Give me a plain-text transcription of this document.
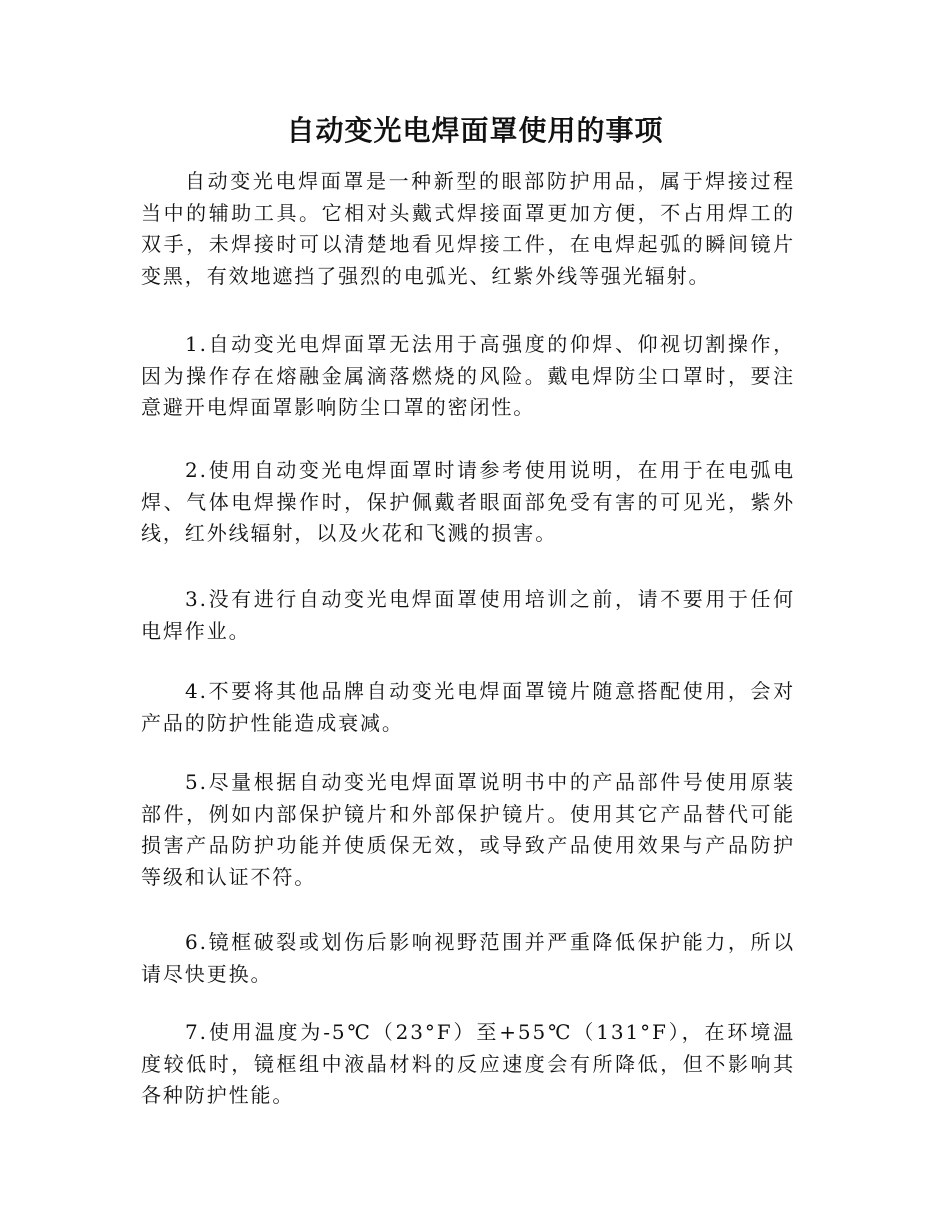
自动变光电焊面罩使用的事项

自动变光电焊面罩是一种新型的眼部防护用品，属于焊接过程当中的辅助工具。它相对头戴式焊接面罩更加方便，不占用焊工的双手，未焊接时可以清楚地看见焊接工件，在电焊起弧的瞬间镜片变黑，有效地遮挡了强烈的电弧光、红紫外线等强光辐射。

1.自动变光电焊面罩无法用于高强度的仰焊、仰视切割操作，因为操作存在熔融金属滴落燃烧的风险。戴电焊防尘口罩时，要注意避开电焊面罩影响防尘口罩的密闭性。

2.使用自动变光电焊面罩时请参考使用说明，在用于在电弧电焊、气体电焊操作时，保护佩戴者眼面部免受有害的可见光，紫外线，红外线辐射，以及火花和飞溅的损害。

3.没有进行自动变光电焊面罩使用培训之前，请不要用于任何电焊作业。

4.不要将其他品牌自动变光电焊面罩镜片随意搭配使用，会对产品的防护性能造成衰减。

5.尽量根据自动变光电焊面罩说明书中的产品部件号使用原装部件，例如内部保护镜片和外部保护镜片。使用其它产品替代可能损害产品防护功能并使质保无效，或导致产品使用效果与产品防护等级和认证不符。

6.镜框破裂或划伤后影响视野范围并严重降低保护能力，所以请尽快更换。

7.使用温度为-5℃（23°F）至+55℃（131°F），在环境温度较低时，镜框组中液晶材料的反应速度会有所降低，但不影响其各种防护性能。
